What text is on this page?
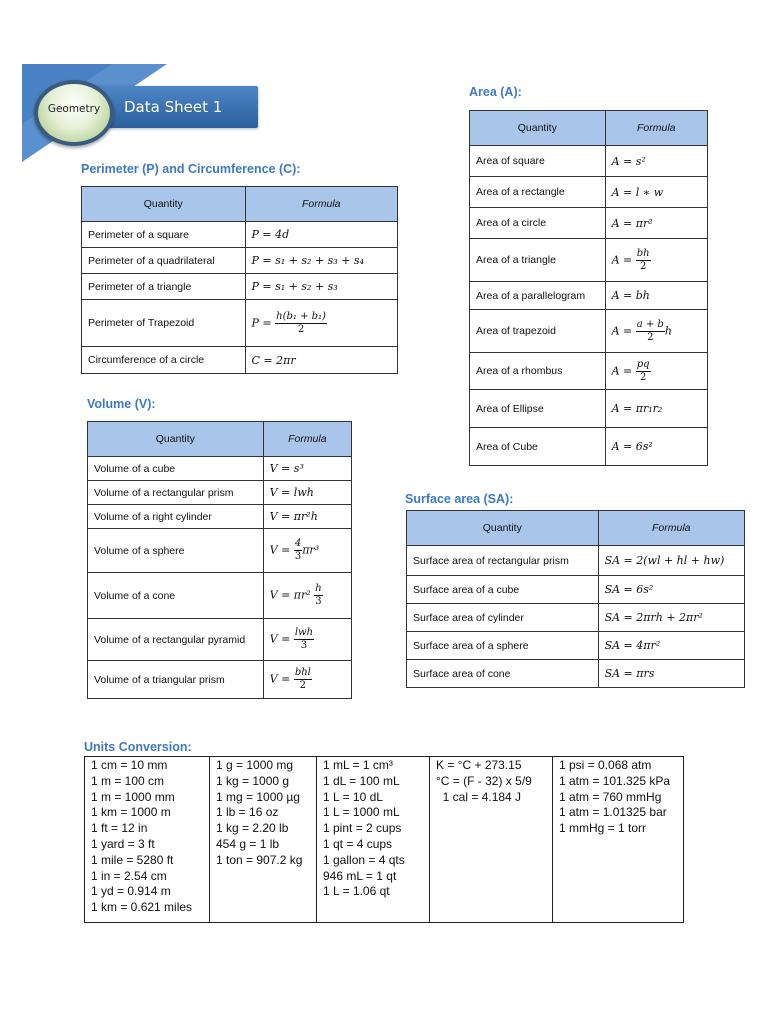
Data Sheet 1
Geometry
Perimeter (P) and Circumference (C):
Area (A):
Volume (V):
Surface area (SA):
Units Conversion:
Quantity	Formula
Perimeter of a square	P = 4d
Perimeter of a quadrilateral	P = s₁ + s₂ + s₃ + s₄
Perimeter of a triangle	P = s₁ + s₂ + s₃
Perimeter of Trapezoid	$P = \frac{\text{h(b₁ + b₁)}}{2}$

Circumference of a circle	C = 2πr
Quantity	Formula
Area of square	A = s²
Area of a rectangle	A = l ∗ w
Area of a circle	A = πr²
Area of a triangle	$A = \frac{bh}{2}$

Area of a parallelogram	A = bh
Area of trapezoid	$A = \frac{a + b}{2}$ h
Area of a rhombus	$A = \frac{pq}{2}$

Area of Ellipse	A = πr₁r₂
Area of Cube	A = 6s²
Quantity	Formula
Volume of a cube	V = s³
Volume of a rectangular prism	V = lwh
Volume of a right cylinder	V = πr²h
Volume of a sphere	$V = \frac{4}{3} \pi r^3$
Volume of a cone	$V = \pi r^2 \frac{h}{3}$

Volume of a rectangular pyramid	$V = \frac{\text{lwh}}{3}$

Volume of a triangular prism	$V = \frac{\text{bhl}}{2}$
Quantity	Formula
Surface area of rectangular prism	SA = 2(wl + hl + hw)
Surface area of a cube	SA = 6s²
Surface area of cylinder	SA = 2πrh + 2πr²
Surface area of a sphere	SA = 4πr²
Surface area of cone	SA = πrs
1 cm = 10 mm
1 m = 100 cm
1 m = 1000 mm
1 km = 1000 m
1 ft = 12 in
1 yard = 3 ft
1 mile = 5280 ft
1 in = 2.54 cm
1 yd = 0.914 m
1 km = 0.621 miles

1 g = 1000 mg
1 kg = 1000 g
1 mg = 1000 µg
1 lb = 16 oz
1 kg = 2.20 lb
454 g = 1 lb
1 ton = 907.2 kg

1 mL = 1 cm³
1 dL = 100 mL
1 L = 10 dL
1 L = 1000 mL
1 pint = 2 cups
1 qt = 4 cups
1 gallon = 4 qts
946 mL = 1 qt
1 L = 1.06 qt

K = °C + 273.15
°C = (F - 32) x 5/9
1 cal = 4.184 J

1 psi = 0.068 atm
1 atm = 101.325 kPa
1 atm = 760 mmHg
1 atm = 1.01325 bar
1 mmHg = 1 torr
